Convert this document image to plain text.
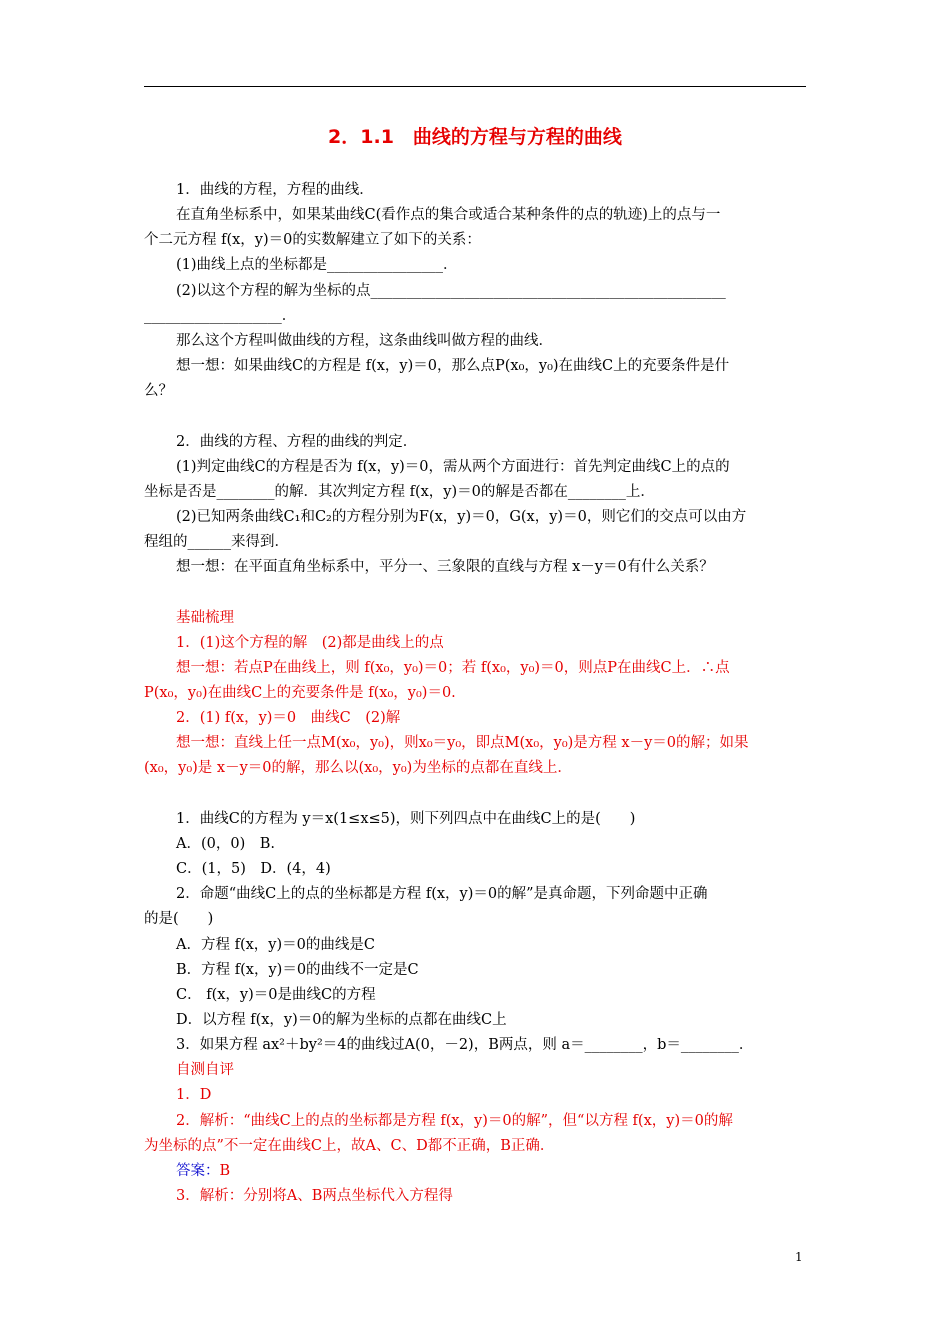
2．1.1　曲线的方程与方程的曲线
1．曲线的方程，方程的曲线．
在直角坐标系中，如果某曲线C(看作点的集合或适合某种条件的点的轨迹)上的点与一
个二元方程 f(x，y)＝0的实数解建立了如下的关系：
(1)曲线上点的坐标都是________________．
(2)以这个方程的解为坐标的点_________________________________________________
___________________．
那么这个方程叫做曲线的方程，这条曲线叫做方程的曲线．
想一想：如果曲线C的方程是 f(x，y)＝0，那么点P(x₀，y₀)在曲线C上的充要条件是什
么？
2．曲线的方程、方程的曲线的判定．
(1)判定曲线C的方程是否为 f(x，y)＝0，需从两个方面进行：首先判定曲线C上的点的
坐标是否是________的解．其次判定方程 f(x，y)＝0的解是否都在________上．
(2)已知两条曲线C₁和C₂的方程分别为F(x，y)＝0，G(x，y)＝0，则它们的交点可以由方
程组的______来得到．
想一想：在平面直角坐标系中，平分一、三象限的直线与方程 x－y＝0有什么关系？
基础梳理
1．(1)这个方程的解　(2)都是曲线上的点
想一想：若点P在曲线上，则 f(x₀，y₀)＝0；若 f(x₀，y₀)＝0，则点P在曲线C上．∴点
P(x₀，y₀)在曲线C上的充要条件是 f(x₀，y₀)＝0.
2．(1) f(x，y)＝0　曲线C　(2)解
想一想：直线上任一点M(x₀，y₀)，则x₀＝y₀，即点M(x₀，y₀)是方程 x－y＝0的解；如果
(x₀，y₀)是 x－y＝0的解，那么以(x₀，y₀)为坐标的点都在直线上．
1．曲线C的方程为 y＝x(1≤x≤5)，则下列四点中在曲线C上的是(　　)
A．(0，0)　B.
C．(1，5)　D．(4，4)
2．命题“曲线C上的点的坐标都是方程 f(x，y)＝0的解”是真命题，下列命题中正确
的是(　　)
A．方程 f(x，y)＝0的曲线是C
B．方程 f(x，y)＝0的曲线不一定是C
C． f(x，y)＝0是曲线C的方程
D．以方程 f(x，y)＝0的解为坐标的点都在曲线C上
3．如果方程 ax²＋by²＝4的曲线过A(0，－2)，B两点，则 a＝________，b＝________．
自测自评
1．D
2．解析：“曲线C上的点的坐标都是方程 f(x，y)＝0的解”，但“以方程 f(x，y)＝0的解
为坐标的点”不一定在曲线C上，故A、C、D都不正确，B正确．
答案：B
3．解析：分别将A、B两点坐标代入方程得
1
